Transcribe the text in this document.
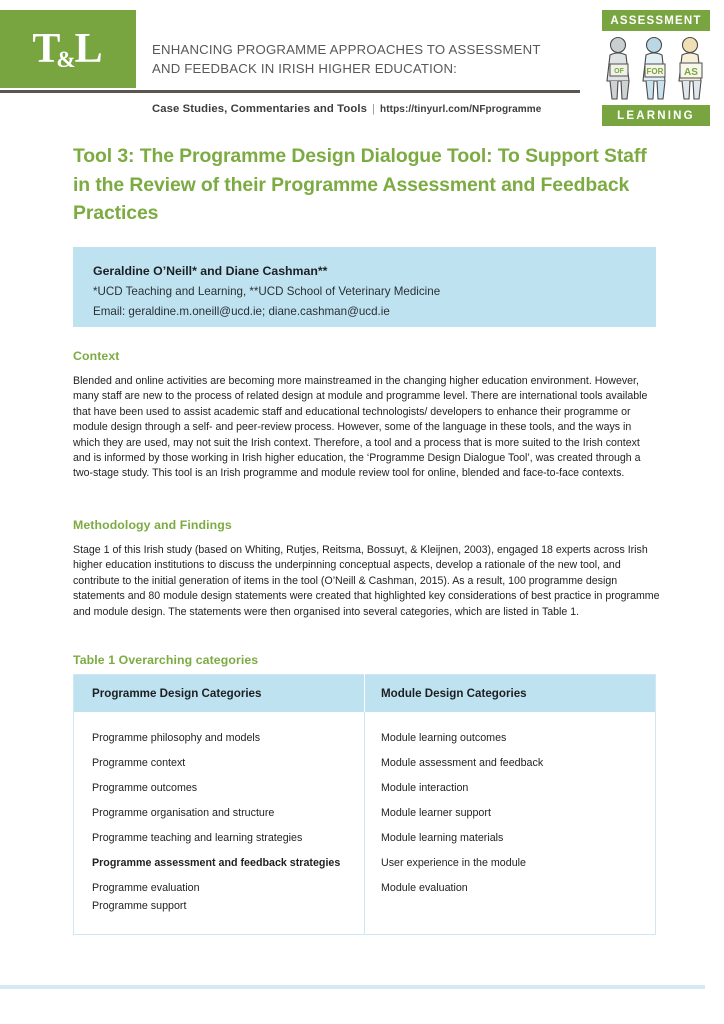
T&L	ENHANCING PROGRAMME APPROACHES TO ASSESSMENT
AND FEEDBACK IN IRISH HIGHER EDUCATION:
Case Studies, Commentaries and Tools | https://tinyurl.com/NFprogramme
ASSESSMENT
OF	FOR AS
LEARNING
Tool 3: The Programme Design Dialogue Tool: To Support Staff in the Review of their Programme Assessment and Feedback Practices
Geraldine O’Neill* and Diane Cashman**
*UCD Teaching and Learning, **UCD School of Veterinary Medicine
Email: geraldine.m.oneill@ucd.ie; diane.cashman@ucd.ie
Context

Blended and online activities are becoming more mainstreamed in the changing higher education environment. However, many staff are new to the process of related design at module and programme level. There are international tools available that have been used to assist academic staff and educational technologists/ developers to enhance their programme or module design through a self- and peer-review process. However, some of the language in these tools, and the ways in which they are used, may not suit the Irish context. Therefore, a tool and a process that is more suited to the Irish context and is informed by those working in Irish higher education, the ‘Programme Design Dialogue Tool’, was created through a two-stage study. This tool is an Irish programme and module review tool for online, blended and face-to-face contexts.

Methodology and Findings

Stage 1 of this Irish study (based on Whiting, Rutjes, Reitsma, Bossuyt, & Kleijnen, 2003), engaged 18 experts across Irish higher education institutions to discuss the underpinning conceptual aspects, develop a rationale of the new tool, and contribute to the initial generation of items in the tool (O’Neill & Cashman, 2015). As a result, 100 programme design statements and 80 module design statements were created that highlighted key considerations of best practice in programme and module design. The statements were then organised into several categories, which are listed in Table 1.

Table 1 Overarching categories
Programme Design Categories	Module Design Categories
Programme philosophy and models	Module learning outcomes
Programme context	Module assessment and feedback
Programme outcomes	Module interaction
Programme organisation and structure	Module learner support
Programme teaching and learning strategies	Module learning materials
Programme assessment and feedback strategies	User experience in the module
Programme evaluation	Module evaluation
Programme support	
